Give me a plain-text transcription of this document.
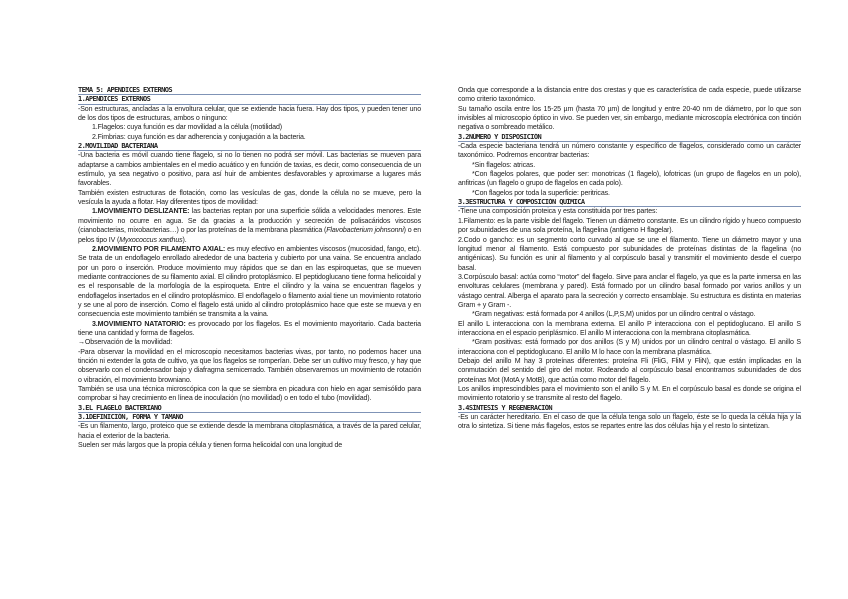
TEMA 5: APENDICES EXTERNOS
1.APENDICES EXTERNOS

-Son estructuras, ancladas a la envoltura celular, que se extiende hacia fuera. Hay dos tipos, y pueden tener uno de los dos tipos de estructuras, ambos o ninguno:

1.Flagelos: cuya función es dar movilidad a la célula (motilidad)

2.Fimbrias: cuya función es dar adherencia y conjugación a la bacteria.

2.MOVILIDAD BACTERIANA

-Una bacteria es móvil cuando tiene flagelo, si no lo tienen no podrá ser móvil. Las bacterias se mueven para adaptarse a cambios ambientales en el medio acuático y en función de taxias, es decir, como consecuencia de un estímulo, ya sea negativo o positivo, para así huir de ambientes desfavorables y aproximarse a lugares más favorables.

También existen estructuras de flotación, como las vesículas de gas, donde la célula no se mueve, pero la vesícula la ayuda a flotar. Hay diferentes tipos de movilidad:

1.MOVIMIENTO DESLIZANTE: las bacterias reptan por una superficie sólida a velocidades menores. Este movimiento no ocurre en agua. Se da gracias a la producción y secreción de polisacáridos viscosos (cianobacterias, mixobacterias…) o por las proteínas de la membrana plasmática (Flavobacterium johnsonni) o en pelos tipo IV (Myxococcus xanthus).

2.MOVIMIENTO POR FILAMENTO AXIAL: es muy efectivo en ambientes viscosos (mucosidad, fango, etc). Se trata de un endoflagelo enrollado alrededor de una bacteria y cubierto por una vaina. Se encuentra anclado por un poro o inserción. Produce movimiento muy rápidos que se dan en las espiroquetas, que se mueven mediante contracciones de su filamento axial. El cilindro protoplásmico. El peptidoglucano tiene forma helicoidal y es el responsable de la morfología de la espiroqueta. Entre el cilindro y la vaina se encuentran flagelos y endoflagelos insertados en el cilindro protoplásmico. El endoflagelo o filamento axial tiene un movimiento rotatorio y se une al poro de inserción. Como el flagelo está unido al cilindro protoplásmico hace que este se mueva y en consecuencia este movimiento también se transmita a la vaina.

3.MOVIMIENTO NATATORIO: es provocado por los flagelos. Es el movimiento mayoritario. Cada bacteria tiene una cantidad y forma de flagelos.

→Observación de la movilidad:

-Para observar la movilidad en el microscopio necesitamos bacterias vivas, por tanto, no podemos hacer una tinción ni extender la gota de cultivo, ya que los flagelos se romperían. Debe ser un cultivo muy fresco, y hay que observarlo con el condensador bajo y diafragma semicerrado. También observaremos un movimiento de rotación o vibración, el movimiento browniano.

También se usa una técnica microscópica con la que se siembra en picadura con hielo en agar semisólido para comprobar si hay crecimiento en línea de inoculación (no movilidad) o en todo el tubo (movilidad).

3.EL FLAGELO BACTERIANO
3.1DEFINICIÓN, FORMA Y TAMAÑO

-Es un filamento, largo, proteico que se extiende desde la membrana citoplasmática, a través de la pared celular, hacia el exterior de la bacteria.

Suelen ser más largos que la propia célula y tienen forma helicoidal con una longitud de

Onda que corresponde a la distancia entre dos crestas y que es característica de cada especie, puede utilizarse como criterio taxonómico.

Su tamaño oscila entre los 15-25 µm (hasta 70 µm) de longitud y entre 20-40 nm de diámetro, por lo que son invisibles al microscopio óptico in vivo. Se pueden ver, sin embargo, mediante microscopía electrónica con tinción negativa o sombreado metálico.

3.2NÚMERO Y DISPOSICIÓN

-Cada especie bacteriana tendrá un número constante y específico de flagelos, considerado como un carácter taxonómico. Podremos encontrar bacterias:

*Sin flagelos: atricas.

*Con flagelos polares, que poder ser: monotricas (1 flagelo), lofotricas (un grupo de flagelos en un polo), anfitricas (un flagelo o grupo de flagelos en cada polo).

*Con flagelos por toda la superficie: peritricas.

3.3ESTRUCTURA Y COMPOSICIÓN QUÍMICA

-Tiene una composición proteica y esta constituida por tres partes:

1.Filamento: es la parte visible del flagelo. Tienen un diámetro constante. Es un cilindro rígido y hueco compuesto por subunidades de una sola proteína, la flagelina (antígeno H flagelar).

2.Codo o gancho: es un segmento corto curvado al que se une el filamento. Tiene un diámetro mayor y una longitud menor al filamento. Está compuesto por subunidades de proteínas distintas de la flagelina (no antigénicas). Su función es unir al filamento y al corpúsculo basal y transmitir el movimiento desde el cuerpo basal.

3.Corpúsculo basal: actúa como “motor” del flagelo. Sirve para anclar el flagelo, ya que es la parte inmersa en las envolturas celulares (membrana y pared). Está formado por un cilindro basal formado por varios anillos y un vástago central. Alberga el aparato para la secreción y correcto ensamblaje. Su estructura es distinta en materias Gram + y Gram -.

*Gram negativas: está formada por 4 anillos (L,P,S,M) unidos por un cilindro central o vástago.

El anillo L interacciona con la membrana externa. El anillo P interacciona con el peptidoglucano. El anillo S interacciona en el espacio periplásmico. El anillo M interacciona con la membrana citoplasmática.

*Gram positivas: está formado por dos anillos (S y M) unidos por un cilindro central o vástago. El anillo S interacciona con el peptidoglucano. El anillo M lo hace con la membrana plasmática.

Debajo del anillo M hay 3 proteínas diferentes: proteína Fli (FliG, FliM y FliN), que están implicadas en la conmutación del sentido del giro del motor. Rodeando al corpúsculo basal encontramos subunidades de dos proteínas Mot (MotA y MotB), que actúa como motor del flagelo.

Los anillos imprescindibles para el movimiento son el anillo S y M. En el corpúsculo basal es donde se origina el movimiento rotatorio y se transmite al resto del flagelo.

3.4SÍNTESIS Y REGENERACIÓN

-Es un carácter hereditario. En el caso de que la célula tenga solo un flagelo, éste se lo queda la célula hija y la otra lo sintetiza. Si tiene más flagelos, estos se repartes entre las dos células hija y el resto lo sintetizan.
